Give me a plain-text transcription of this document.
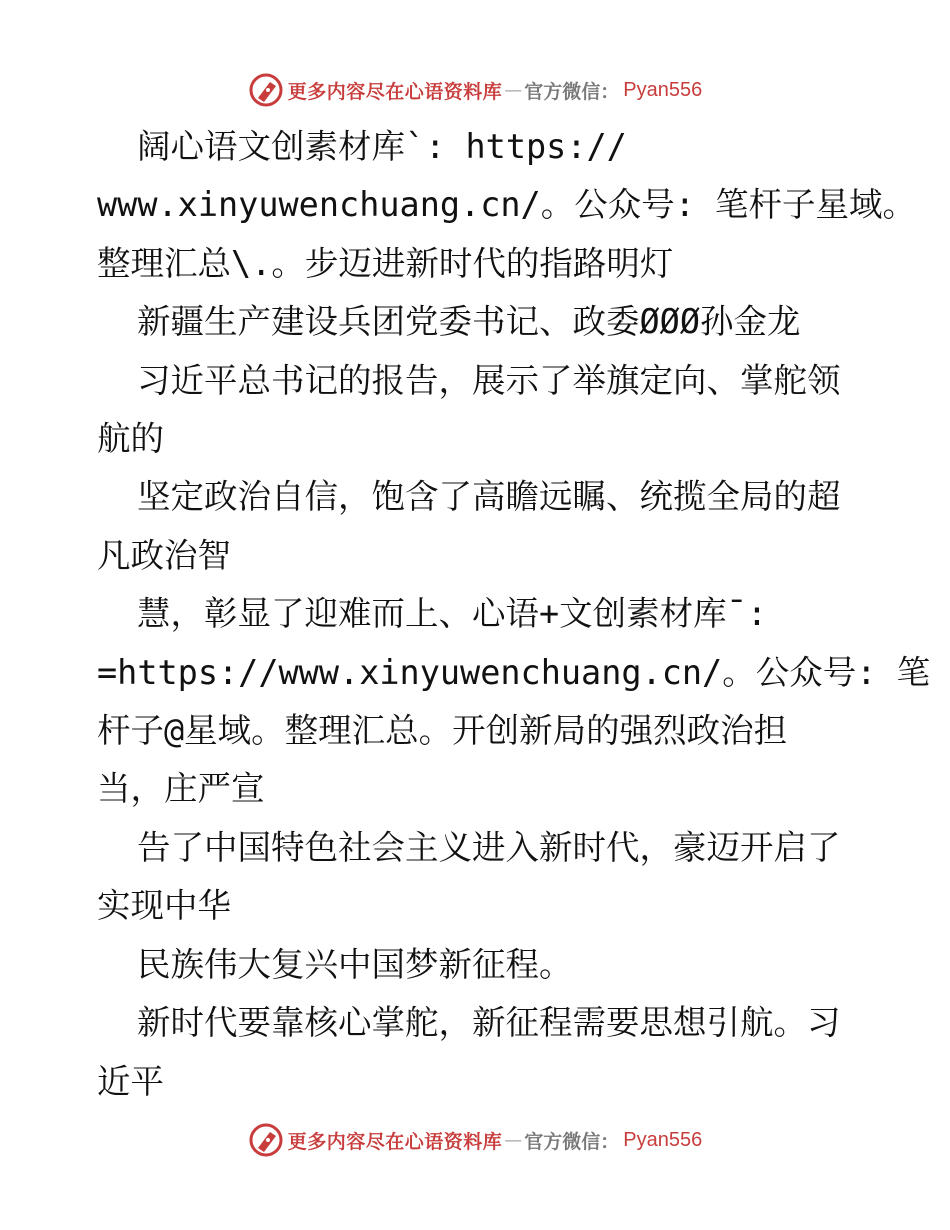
更多内容尽在心语资料库 — 官方微信： Pyan556

阔心语文创素材库`: https://

www.xinyuwenchuang.cn/。公众号: 笔杆子星域。

整理汇总\.。步迈进新时代的指路明灯

新疆生产建设兵团党委书记、政委ØØØ孙金龙

习近平总书记的报告，展示了举旗定向、掌舵领

航的

坚定政治自信，饱含了高瞻远瞩、统揽全局的超

凡政治智

慧，彰显了迎难而上、心语+文创素材库¯:

=https://www.xinyuwenchuang.cn/。公众号: 笔

杆子@星域。整理汇总。开创新局的强烈政治担

当，庄严宣

告了中国特色社会主义进入新时代，豪迈开启了

实现中华

民族伟大复兴中国梦新征程。

新时代要靠核心掌舵，新征程需要思想引航。习

近平

更多内容尽在心语资料库 — 官方微信： Pyan556
